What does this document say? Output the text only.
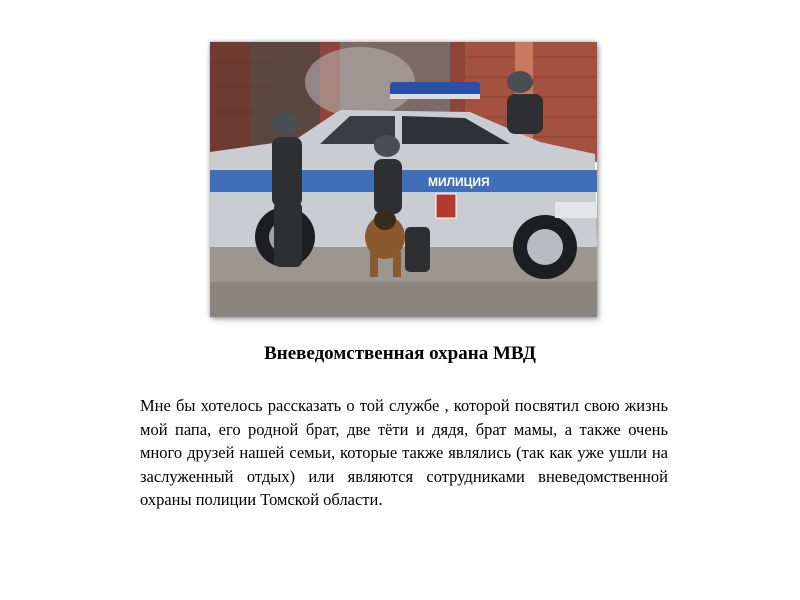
МИЛИЦИЯ
Вневедомственная охрана МВД

Мне бы хотелось рассказать о той службе , которой посвятил свою жизнь мой папа, его родной брат, две тёти и дядя, брат мамы, а также очень много друзей нашей семьи, которые также являлись (так как уже ушли на заслуженный отдых) или являются сотрудниками вневедомственной охраны полиции Томской области.
